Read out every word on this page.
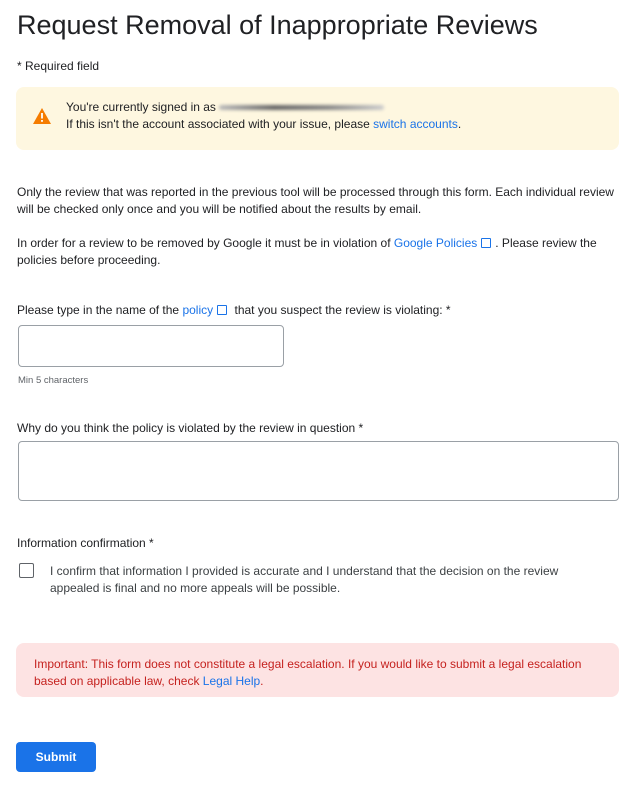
Request Removal of Inappropriate Reviews
* Required field
You're currently signed in as
If this isn't the account associated with your issue, please switch accounts.
Only the review that was reported in the previous tool will be processed through this form. Each individual review will be checked only once and you will be notified about the results by email.
In order for a review to be removed by Google it must be in violation of Google Policies . Please review the policies before proceeding.
Please type in the name of the policy that you suspect the review is violating: *
Min 5 characters
Why do you think the policy is violated by the review in question *
Information confirmation *
I confirm that information I provided is accurate and I understand that the decision on the review appealed is final and no more appeals will be possible.
Important: This form does not constitute a legal escalation. If you would like to submit a legal escalation based on applicable law, check Legal Help.
Submit
